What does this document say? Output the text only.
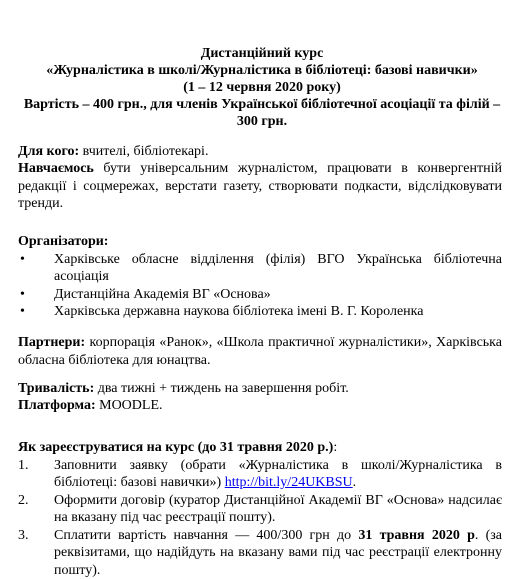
Дистанційний курс
«Журналістика в школі/Журналістика в бібліотеці: базові навички»
(1 – 12 червня 2020 року)
Вартість – 400 грн., для членів Української бібліотечної асоціації та філій – 300 грн.
Для кого: вчителі, бібліотекарі.
Навчаємось бути універсальним журналістом, працювати в конвергентній редакції і соцмережах, верстати газету, створювати подкасти, відслідковувати тренди.
Організатори:
• Харківське обласне відділення (філія) ВГО Українська бібліотечна асоціація
• Дистанційна Академія ВГ «Основа»
• Харківська державна наукова бібліотека імені В. Г. Короленка
Партнери: корпорація «Ранок», «Школа практичної журналістики», Харківська обласна бібліотека для юнацтва.
Тривалість: два тижні + тиждень на завершення робіт.
Платформа: MOODLE.
Як зареєструватися на курс (до 31 травня 2020 р.):
1. Заповнити заявку (обрати «Журналістика в школі/Журналістика в бібліотеці: базові навички») http://bit.ly/24UKBSU.
2. Оформити договір (куратор Дистанційної Академії ВГ «Основа» надсилає на вказану під час реєстрації пошту).
3. Сплатити вартість навчання — 400/300 грн до 31 травня 2020 р. (за реквізитами, що надійдуть на вказану вами під час реєстрації електронну пошту).
